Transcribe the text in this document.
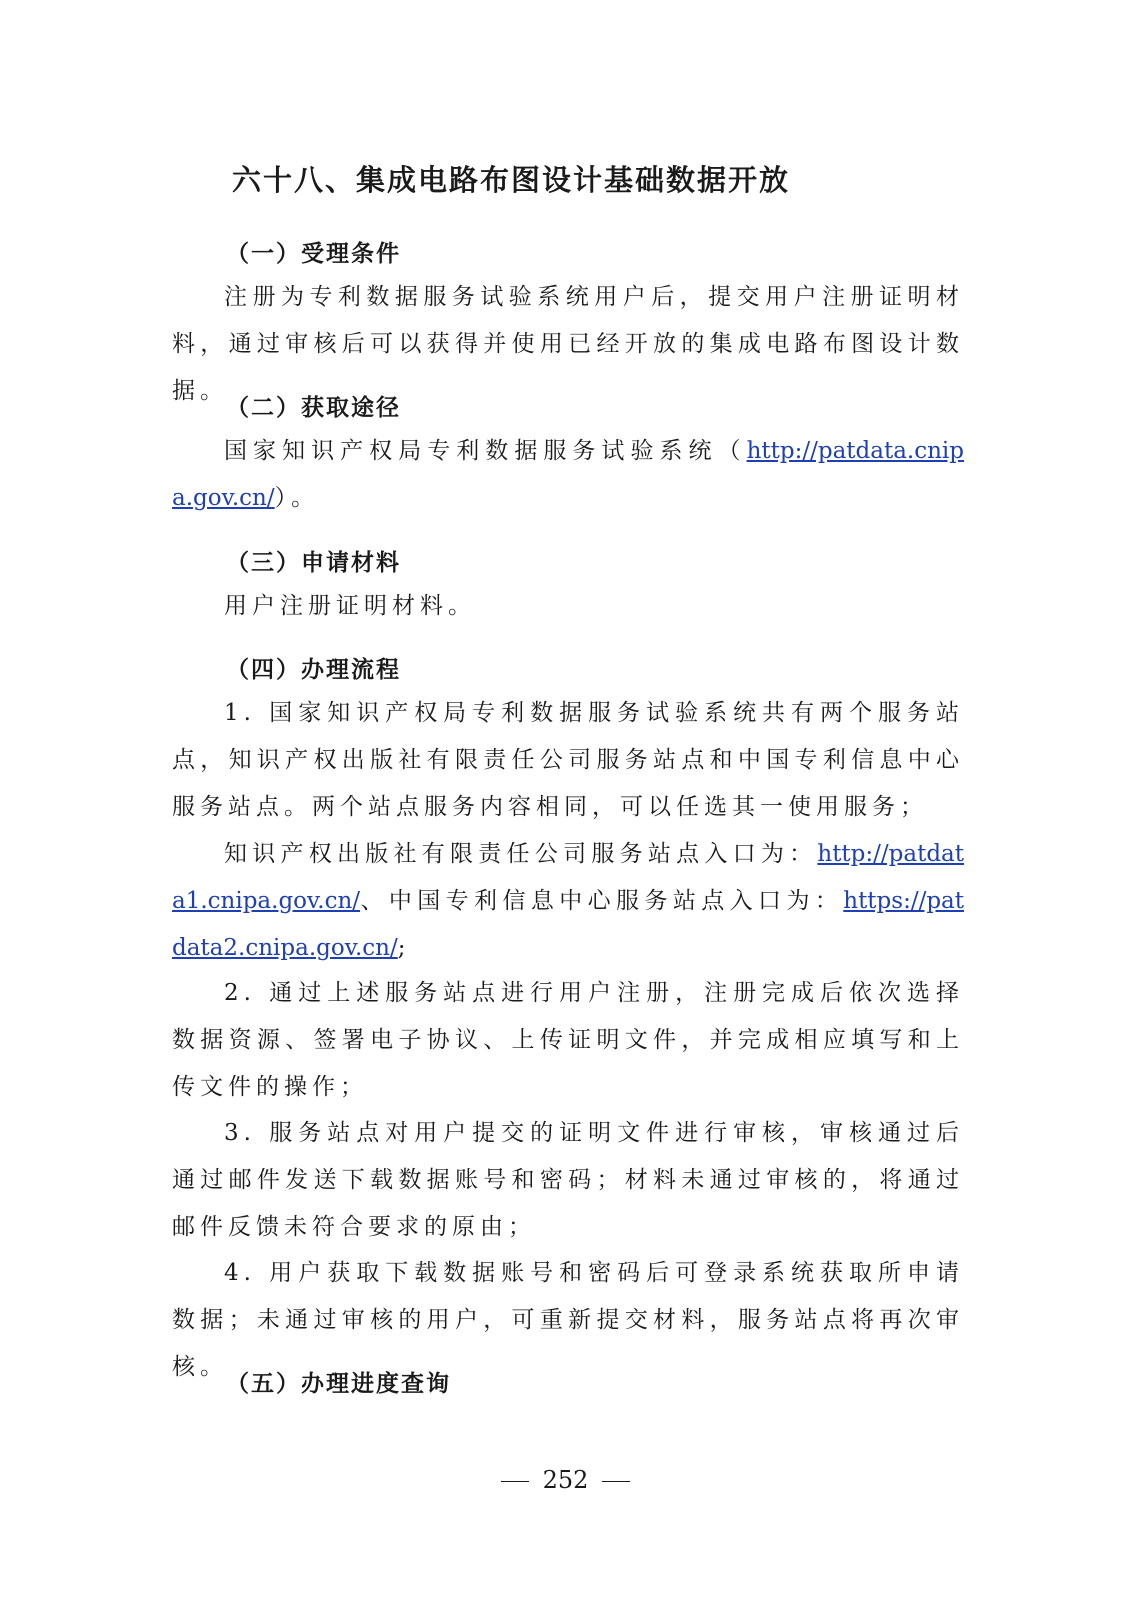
六十八、集成电路布图设计基础数据开放
（一）受理条件

注册为专利数据服务试验系统用户后，提交用户注册证明材料，通过审核后可以获得并使用已经开放的集成电路布图设计数据。

（二）获取途径

国家知识产权局专利数据服务试验系统（http://patdata.cnipa.gov.cn/）。

（三）申请材料

用户注册证明材料。

（四）办理流程

1. 国家知识产权局专利数据服务试验系统共有两个服务站点，知识产权出版社有限责任公司服务站点和中国专利信息中心服务站点。两个站点服务内容相同，可以任选其一使用服务；

知识产权出版社有限责任公司服务站点入口为：http://patdata1.cnipa.gov.cn/、中国专利信息中心服务站点入口为：https://patdata2.cnipa.gov.cn/;

2. 通过上述服务站点进行用户注册，注册完成后依次选择数据资源、签署电子协议、上传证明文件，并完成相应填写和上传文件的操作；

3. 服务站点对用户提交的证明文件进行审核，审核通过后通过邮件发送下载数据账号和密码；材料未通过审核的，将通过邮件反馈未符合要求的原由；

4. 用户获取下载数据账号和密码后可登录系统获取所申请数据；未通过审核的用户，可重新提交材料，服务站点将再次审核。

（五）办理进度查询
252
